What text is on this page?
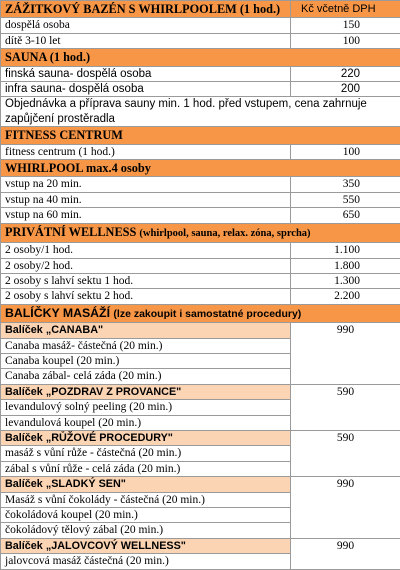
ZÁŽITKOVÝ BAZÉN S WHIRLPOOLEM (1 hod.)	Kč včetně DPH
dospělá osoba	150
dítě 3-10 let	100
SAUNA (1 hod.)	
finská sauna- dospělá osoba	220
infra sauna- dospělá osoba	200
Objednávka a příprava sauny min. 1 hod. před vstupem, cena zahrnuje zapůjčení prostěradla	
FITNESS CENTRUM	
fitness centrum (1 hod.)	100
WHIRLPOOL max.4 osoby	
vstup na 20 min.	350
vstup na 40 min.	550
vstup na 60 min.	650
PRIVÁTNÍ WELLNESS (whirlpool, sauna, relax. zóna, sprcha)	
2 osoby/1 hod.	1.100
2 osoby/2 hod.	1.800
2 osoby s lahví sektu 1 hod.	1.300
2 osoby s lahví sektu 2 hod.	2.200
BALÍČKY MASÁŽÍ (lze zakoupit i samostatné procedury)	
Balíček „CANABA"	990
Canaba masáž- částečná (20 min.)	
Canaba koupel (20 min.)	
Canaba zábal- celá záda (20 min.)	
Balíček „POZDRAV Z PROVANCE"	590
levandulový solný peeling (20 min.)	
levandulová koupel (20 min.)	
Balíček „RŮŽOVÉ PROCEDURY"	590
masáž s vůní růže - částečná (20 min.)	
zábal s vůní růže - celá záda (20 min.)	
Balíček „SLADKÝ SEN"	990
Masáž s vůní čokolády - částečná (20 min.)	
čokoládová koupel (20 min.)	
čokoládový tělový zábal (20 min.)	
Balíček „JALOVCOVÝ WELLNESS"	990
jalovcová masáž částečná (20 min.)	
